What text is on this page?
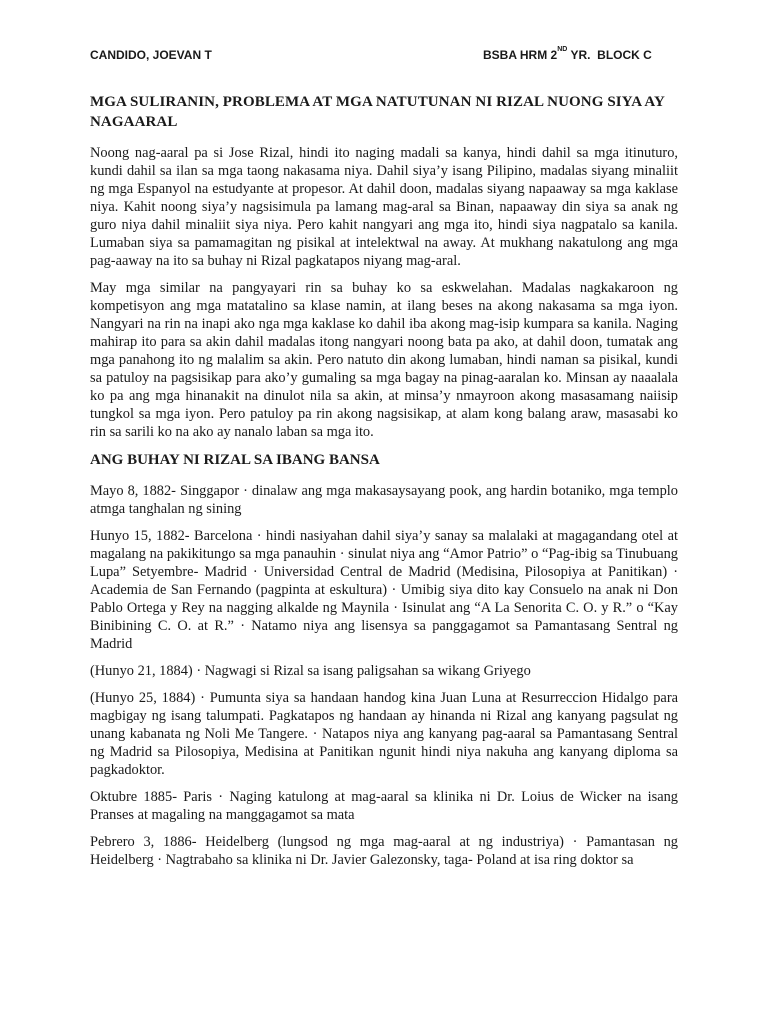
CANDIDO, JOEVAN T	BSBA HRM 2ND YR.  BLOCK C
MGA SULIRANIN, PROBLEMA AT MGA NATUTUNAN NI RIZAL NUONG SIYA AY NAGAARAL

Noong nag-aaral pa si Jose Rizal, hindi ito naging madali sa kanya, hindi dahil sa mga itinuturo, kundi dahil sa ilan sa mga taong nakasama niya. Dahil siya’y isang Pilipino, madalas siyang minaliit ng mga Espanyol na estudyante at propesor. At dahil doon, madalas siyang napaaway sa mga kaklase niya. Kahit noong siya’y nagsisimula pa lamang mag-aral sa Binan, napaaway din siya sa anak ng guro niya dahil minaliit siya niya. Pero kahit nangyari ang mga ito, hindi siya nagpatalo sa kanila. Lumaban siya sa pamamagitan ng pisikal at intelektwal na away. At mukhang nakatulong ang mga pag-aaway na ito sa buhay ni Rizal pagkatapos niyang mag-aral.

May mga similar na pangyayari rin sa buhay ko sa eskwelahan. Madalas nagkakaroon ng kompetisyon ang mga matatalino sa klase namin, at ilang beses na akong nakasama sa mga iyon. Nangyari na rin na inapi ako nga mga kaklase ko dahil iba akong mag-isip kumpara sa kanila. Naging mahirap ito para sa akin dahil madalas itong nangyari noong bata pa ako, at dahil doon, tumatak ang mga panahong ito ng malalim sa akin. Pero natuto din akong lumaban, hindi naman sa pisikal, kundi sa patuloy na pagsisikap para ako’y gumaling sa mga bagay na pinag-aaralan ko. Minsan ay naaalala ko pa ang mga hinanakit na dinulot nila sa akin, at minsa’y nmayroon akong masasamang naiisip tungkol sa mga iyon. Pero patuloy pa rin akong nagsisikap, at alam kong balang araw, masasabi ko rin sa sarili ko na ako ay nanalo laban sa mga ito.

ANG BUHAY NI RIZAL SA IBANG BANSA

Mayo 8, 1882- Singgapor · dinalaw ang mga makasaysayang pook, ang hardin botaniko, mga templo atmga tanghalan ng sining

Hunyo 15, 1882- Barcelona · hindi nasiyahan dahil siya’y sanay sa malalaki at magagandang otel at magalang na pakikitungo sa mga panauhin · sinulat niya ang “Amor Patrio” o “Pag-ibig sa Tinubuang Lupa” Setyembre- Madrid · Universidad Central de Madrid (Medisina, Pilosopiya at Panitikan) · Academia de San Fernando (pagpinta at eskultura) · Umibig siya dito kay Consuelo na anak ni Don Pablo Ortega y Rey na nagging alkalde ng Maynila · Isinulat ang “A La Senorita C. O. y R.” o “Kay Binibining C. O. at R.” · Natamo niya ang lisensya sa panggagamot sa Pamantasang Sentral ng Madrid

(Hunyo 21, 1884) · Nagwagi si Rizal sa isang paligsahan sa wikang Griyego

(Hunyo 25, 1884) · Pumunta siya sa handaan handog kina Juan Luna at Resurreccion Hidalgo para magbigay ng isang talumpati. Pagkatapos ng handaan ay hinanda ni Rizal ang kanyang pagsulat ng unang kabanata ng Noli Me Tangere. · Natapos niya ang kanyang pag-aaral sa Pamantasang Sentral ng Madrid sa Pilosopiya, Medisina at Panitikan ngunit hindi niya nakuha ang kanyang diploma sa pagkadoktor.

Oktubre 1885- Paris · Naging katulong at mag-aaral sa klinika ni Dr. Loius de Wicker na isang Pranses at magaling na manggagamot sa mata

Pebrero 3, 1886- Heidelberg (lungsod ng mga mag-aaral at ng industriya) · Pamantasan ng Heidelberg · Nagtrabaho sa klinika ni Dr. Javier Galezonsky, taga- Poland at isa ring doktor sa
